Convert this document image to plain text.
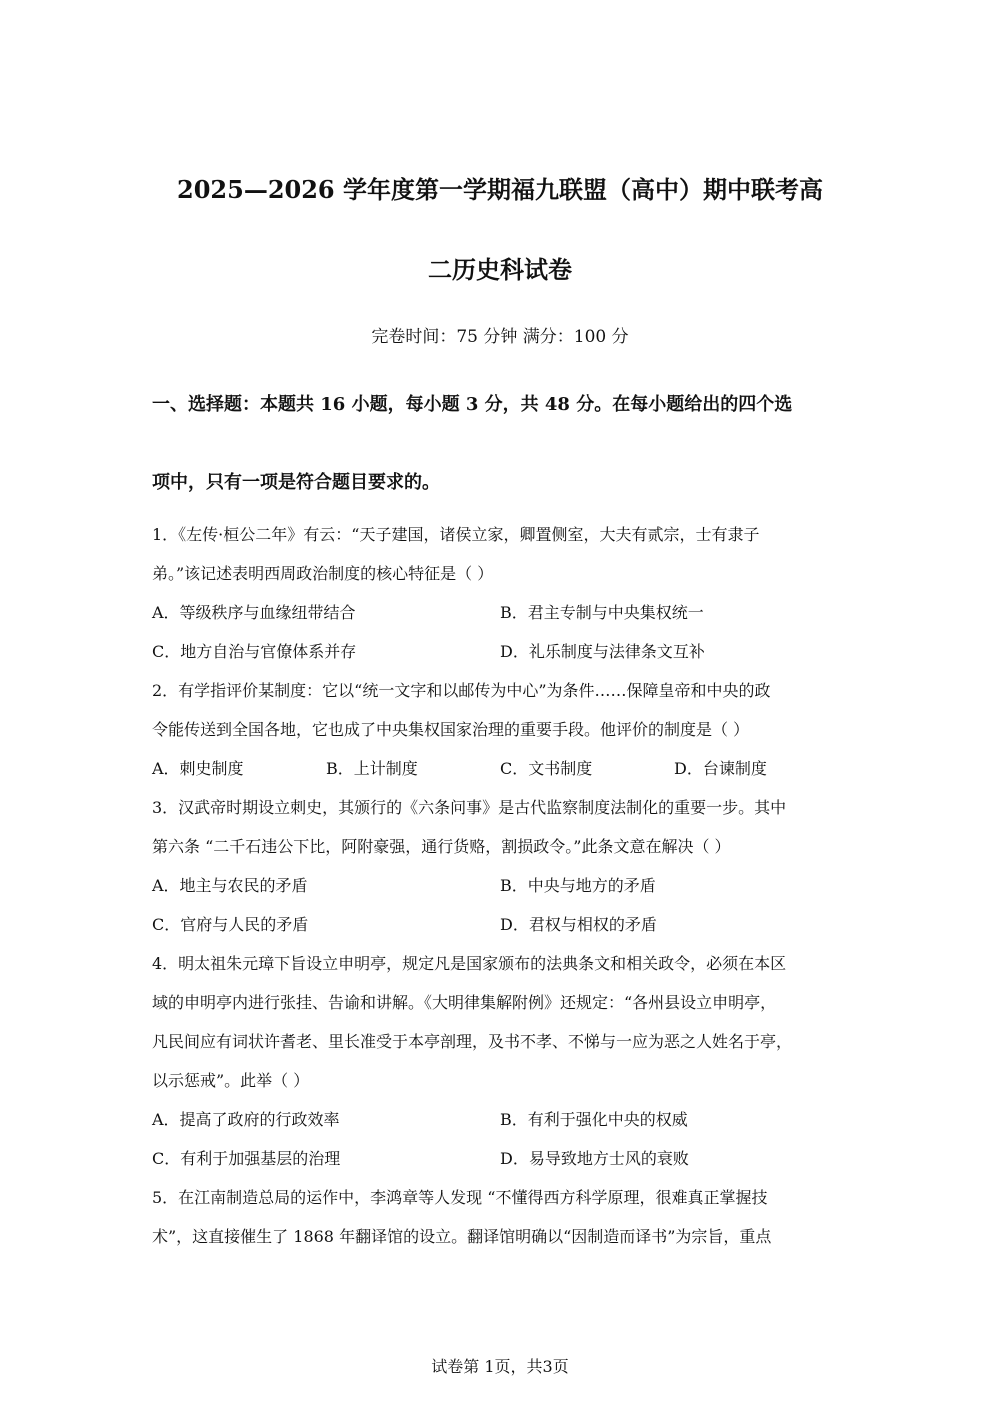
2025—2026 学年度第一学期福九联盟（高中）期中联考高
二历史科试卷
完卷时间：75 分钟 满分：100 分
一、选择题：本题共 16 小题，每小题 3 分，共 48 分。在每小题给出的四个选
项中，只有一项是符合题目要求的。
1．《左传·桓公二年》有云：“天子建国，诸侯立家，卿置侧室，大夫有贰宗，士有隶子
弟。”该记述表明西周政治制度的核心特征是（ ）
A．等级秩序与血缘纽带结合	B．君主专制与中央集权统一
C．地方自治与官僚体系并存	D．礼乐制度与法律条文互补
2．有学指评价某制度：它以“统一文字和以邮传为中心”为条件……保障皇帝和中央的政
令能传送到全国各地，它也成了中央集权国家治理的重要手段。他评价的制度是（ ）
A．刺史制度	B．上计制度	C．文书制度	D．台谏制度
3．汉武帝时期设立刺史，其颁行的《六条问事》是古代监察制度法制化的重要一步。其中
第六条 “二千石违公下比，阿附豪强，通行货赂，割损政令。”此条文意在解决（ ）
A．地主与农民的矛盾	B．中央与地方的矛盾
C．官府与人民的矛盾	D．君权与相权的矛盾
4．明太祖朱元璋下旨设立申明亭，规定凡是国家颁布的法典条文和相关政令，必须在本区
域的申明亭内进行张挂、告谕和讲解。《大明律集解附例》还规定：“各州县设立申明亭，
凡民间应有词状许耆老、里长准受于本亭剖理，及书不孝、不悌与一应为恶之人姓名于亭，
以示惩戒”。此举（ ）
A．提高了政府的行政效率	B．有利于强化中央的权威
C．有利于加强基层的治理	D．易导致地方士风的衰败
5．在江南制造总局的运作中，李鸿章等人发现 “不懂得西方科学原理，很难真正掌握技
术”，这直接催生了 1868 年翻译馆的设立。翻译馆明确以“因制造而译书”为宗旨，重点
试卷第 1页，共3页
